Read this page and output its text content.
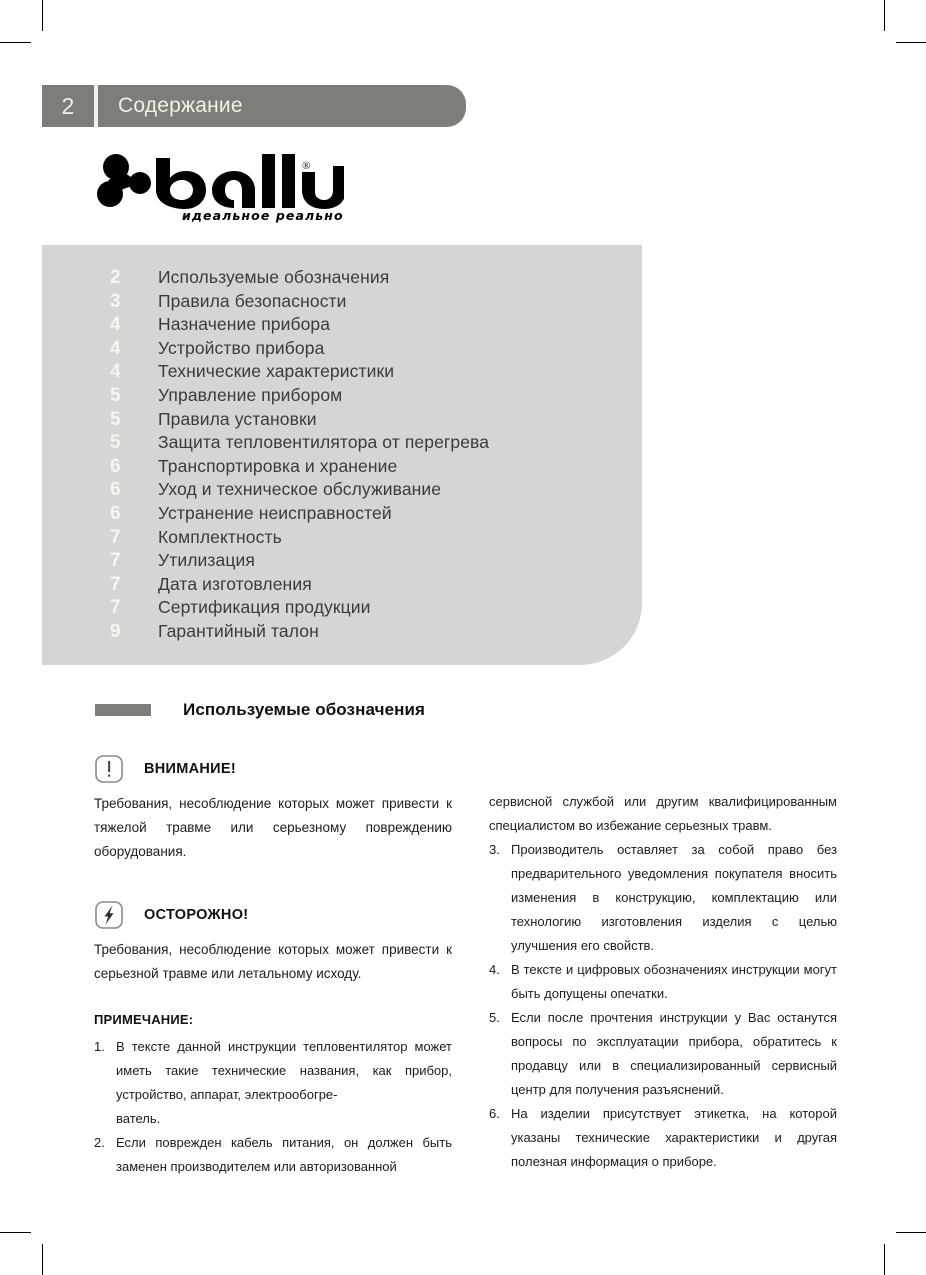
2	Содержание
®
идеальное реально
2	Используемые обозначения
3	Правила безопасности
4	Назначение прибора
4	Устройство прибора
4	Технические характеристики
5	Управление прибором
5	Правила установки
5	Защита тепловентилятора от перегрева
6	Транспортировка и хранение
6	Уход и техническое обслуживание
6	Устранение неисправностей
7	Комплектность
7	Утилизация
7	Дата изготовления
7	Сертификация продукции
9	Гарантийный талон
Используемые обозначения
ВНИМАНИЕ!

Требования, несоблюдение которых может привести к тяжелой травме или серьезному повреждению оборудования.

ОСТОРОЖНО!

Требования, несоблюдение которых может привести к серьезной травме или летальному исходу.

ПРИМЕЧАНИЕ:
1. В тексте данной инструкции тепловентилятор может иметь такие технические названия, как прибор, устройство, аппарат, электрообогре-
ватель.
2. Если поврежден кабель питания, он должен быть заменен производителем или авторизованной
сервисной службой или другим квалифицированным специалистом во избежание серьезных травм.
3. Производитель оставляет за собой право без предварительного уведомления покупателя вносить изменения в конструкцию, комплектацию или технологию изготовления изделия с целью улучшения его свойств.
4. В тексте и цифровых обозначениях инструкции могут быть допущены опечатки.
5. Если после прочтения инструкции у Вас останутся вопросы по эксплуатации прибора, обратитесь к продавцу или в специализированный сервисный центр для получения разъяснений.
6. На изделии присутствует этикетка, на которой указаны технические характеристики и другая полезная информация о приборе.
